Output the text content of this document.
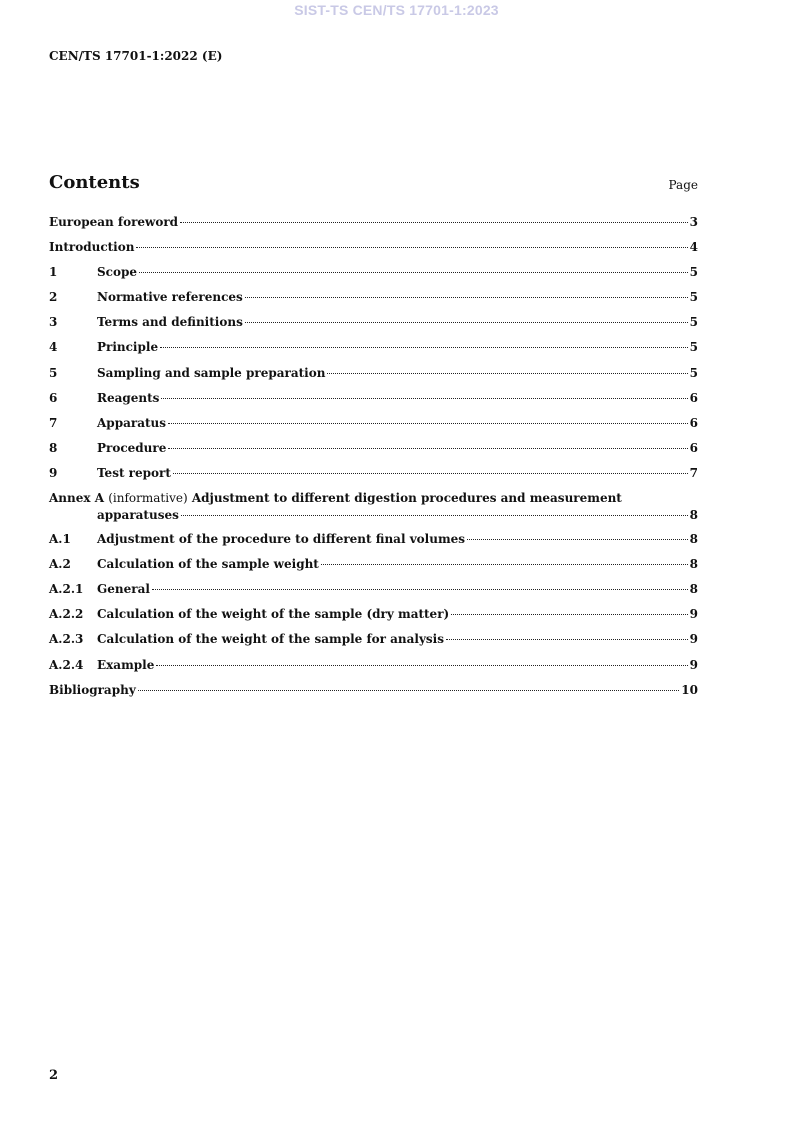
SIST-TS CEN/TS 17701-1:2023
CEN/TS 17701-1:2022 (E)
Contents	Page
European foreword	3
Introduction	4
1	Scope	5
2	Normative references	5
3	Terms and definitions	5
4	Principle	5
5	Sampling and sample preparation	5
6	Reagents	6
7	Apparatus	6
8	Procedure	6
9	Test report	7
Annex A (informative) Adjustment to different digestion procedures and measurement
apparatuses	8
A.1	Adjustment of the procedure to different final volumes	8
A.2	Calculation of the sample weight	8
A.2.1	General	8
A.2.2	Calculation of the weight of the sample (dry matter)	9
A.2.3	Calculation of the weight of the sample for analysis	9
A.2.4	Example	9
Bibliography	10
2
